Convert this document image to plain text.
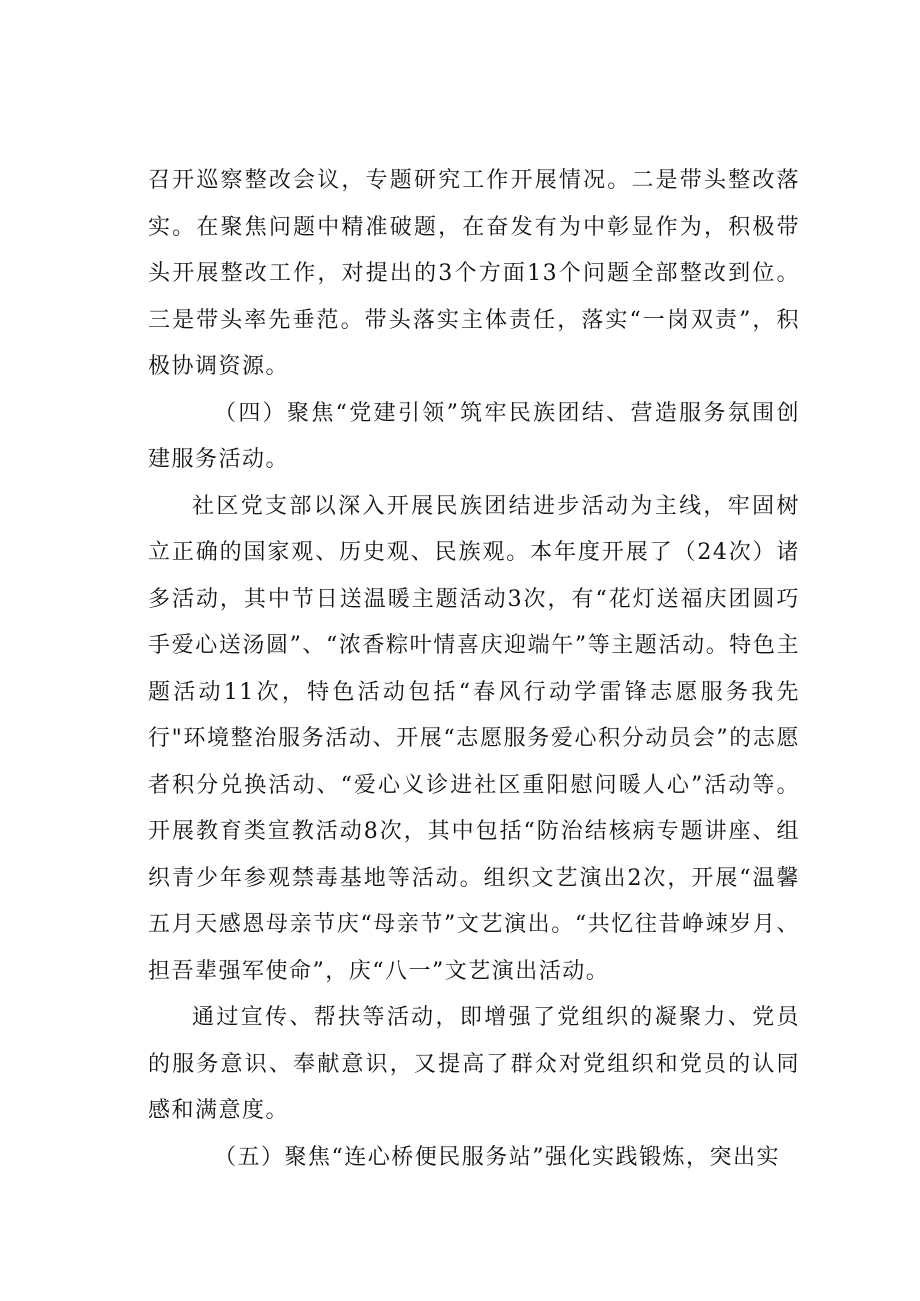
召开巡察整改会议，专题研究工作开展情况。二是带头整改落实。在聚焦问题中精准破题，在奋发有为中彰显作为，积极带头开展整改工作，对提出的3个方面13个问题全部整改到位。三是带头率先垂范。带头落实主体责任，落实“一岗双责”，积极协调资源。

（四）聚焦“党建引领”筑牢民族团结、营造服务氛围创建服务活动。

社区党支部以深入开展民族团结进步活动为主线，牢固树立正确的国家观、历史观、民族观。本年度开展了（24次）诸多活动，其中节日送温暖主题活动3次，有“花灯送福庆团圆巧手爱心送汤圆”、“浓香粽叶情喜庆迎端午”等主题活动。特色主题活动11次，特色活动包括“春风行动学雷锋志愿服务我先行"环境整治服务活动、开展“志愿服务爱心积分动员会”的志愿者积分兑换活动、“爱心义诊进社区重阳慰问暖人心”活动等。开展教育类宣教活动8次，其中包括“防治结核病专题讲座、组织青少年参观禁毒基地等活动。组织文艺演出2次，开展“温馨五月天感恩母亲节庆“母亲节”文艺演出。“共忆往昔峥竦岁月、担吾辈强军使命”，庆“八一”文艺演出活动。

通过宣传、帮扶等活动，即增强了党组织的凝聚力、党员的服务意识、奉献意识，又提高了群众对党组织和党员的认同感和满意度。

（五）聚焦“连心桥便民服务站”强化实践锻炼，突出实
